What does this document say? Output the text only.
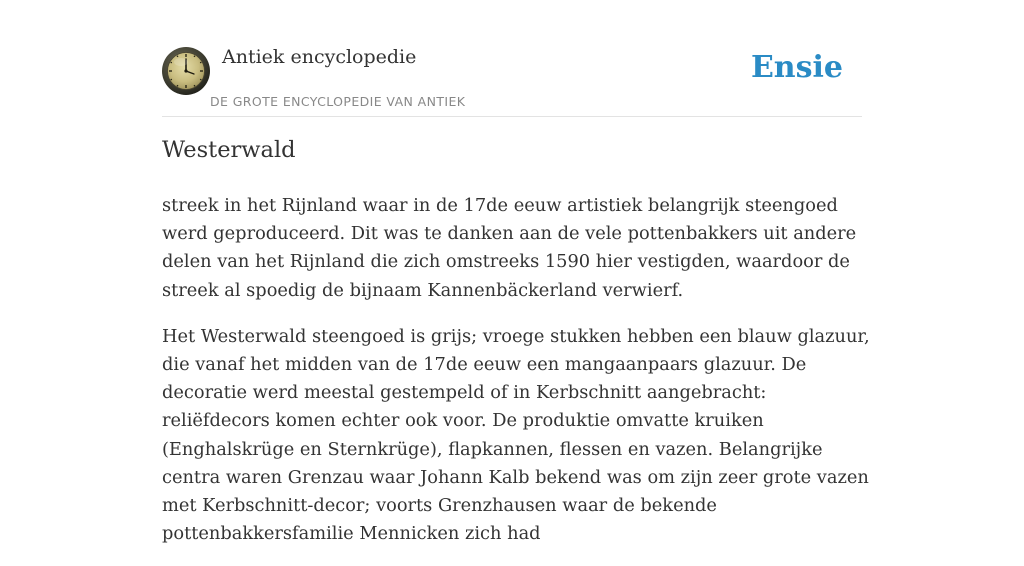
Antiek encyclopedie
DE GROTE ENCYCLOPEDIE VAN ANTIEK
Ensie
Westerwald

streek in het Rijnland waar in de 17de eeuw artistiek belangrijk steengoed werd geproduceerd. Dit was te danken aan de vele pottenbakkers uit andere delen van het Rijnland die zich omstreeks 1590 hier vestigden, waardoor de streek al spoedig de bijnaam Kannenbäckerland verwierf.

Het Westerwald steengoed is grijs; vroege stukken hebben een blauw glazuur, die vanaf het midden van de 17de eeuw een mangaanpaars glazuur. De decoratie werd meestal gestempeld of in Kerbschnitt aangebracht: reliëfdecors komen echter ook voor. De produktie omvatte kruiken (Enghalskrüge en Sternkrüge), flapkannen, flessen en vazen. Belangrijke centra waren Grenzau waar Johann Kalb bekend was om zijn zeer grote vazen met Kerbschnitt-decor; voorts Grenzhausen waar de bekende pottenbakkersfamilie Mennicken zich had
